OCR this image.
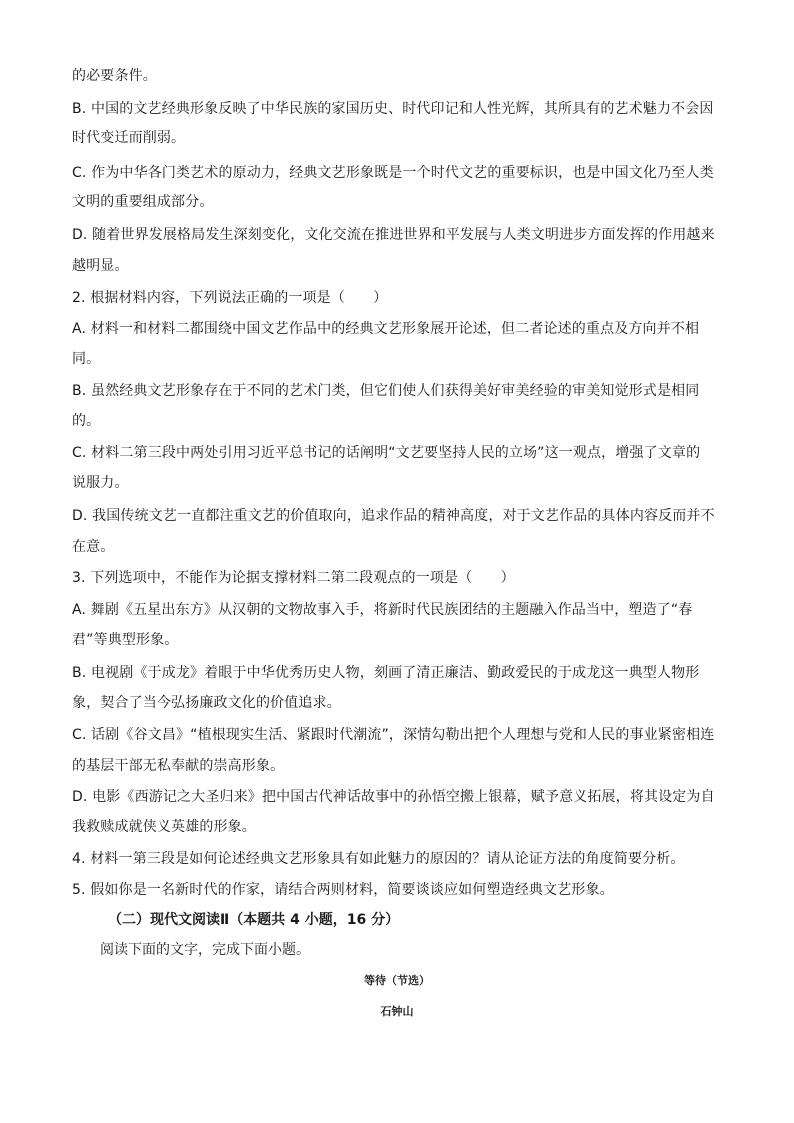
的必要条件。
B. 中国的文艺经典形象反映了中华民族的家国历史、时代印记和人性光辉，其所具有的艺术魅力不会因
时代变迁而削弱。
C. 作为中华各门类艺术的原动力，经典文艺形象既是一个时代文艺的重要标识，也是中国文化乃至人类
文明的重要组成部分。
D. 随着世界发展格局发生深刻变化，文化交流在推进世界和平发展与人类文明进步方面发挥的作用越来
越明显。
2. 根据材料内容，下列说法正确的一项是（　　）
A. 材料一和材料二都围绕中国文艺作品中的经典文艺形象展开论述，但二者论述的重点及方向并不相
同。
B. 虽然经典文艺形象存在于不同的艺术门类，但它们使人们获得美好审美经验的审美知觉形式是相同
的。
C. 材料二第三段中两处引用习近平总书记的话阐明“文艺要坚持人民的立场”这一观点，增强了文章的
说服力。
D. 我国传统文艺一直都注重文艺的价值取向，追求作品的精神高度，对于文艺作品的具体内容反而并不
在意。
3. 下列选项中，不能作为论据支撑材料二第二段观点的一项是（　　）
A. 舞剧《五星出东方》从汉朝的文物故事入手，将新时代民族团结的主题融入作品当中，塑造了“春
君”等典型形象。
B. 电视剧《于成龙》着眼于中华优秀历史人物，刻画了清正廉洁、勤政爱民的于成龙这一典型人物形
象，契合了当今弘扬廉政文化的价值追求。
C. 话剧《谷文昌》“植根现实生活、紧跟时代潮流”，深情勾勒出把个人理想与党和人民的事业紧密相连
的基层干部无私奉献的崇高形象。
D. 电影《西游记之大圣归来》把中国古代神话故事中的孙悟空搬上银幕，赋予意义拓展，将其设定为自
我救赎成就侠义英雄的形象。
4. 材料一第三段是如何论述经典文艺形象具有如此魅力的原因的？请从论证方法的角度简要分析。
5. 假如你是一名新时代的作家，请结合两则材料，简要谈谈应如何塑造经典文艺形象。
（二）现代文阅读Ⅱ（本题共 4 小题，16 分）
阅读下面的文字，完成下面小题。
等待（节选）
石钟山
